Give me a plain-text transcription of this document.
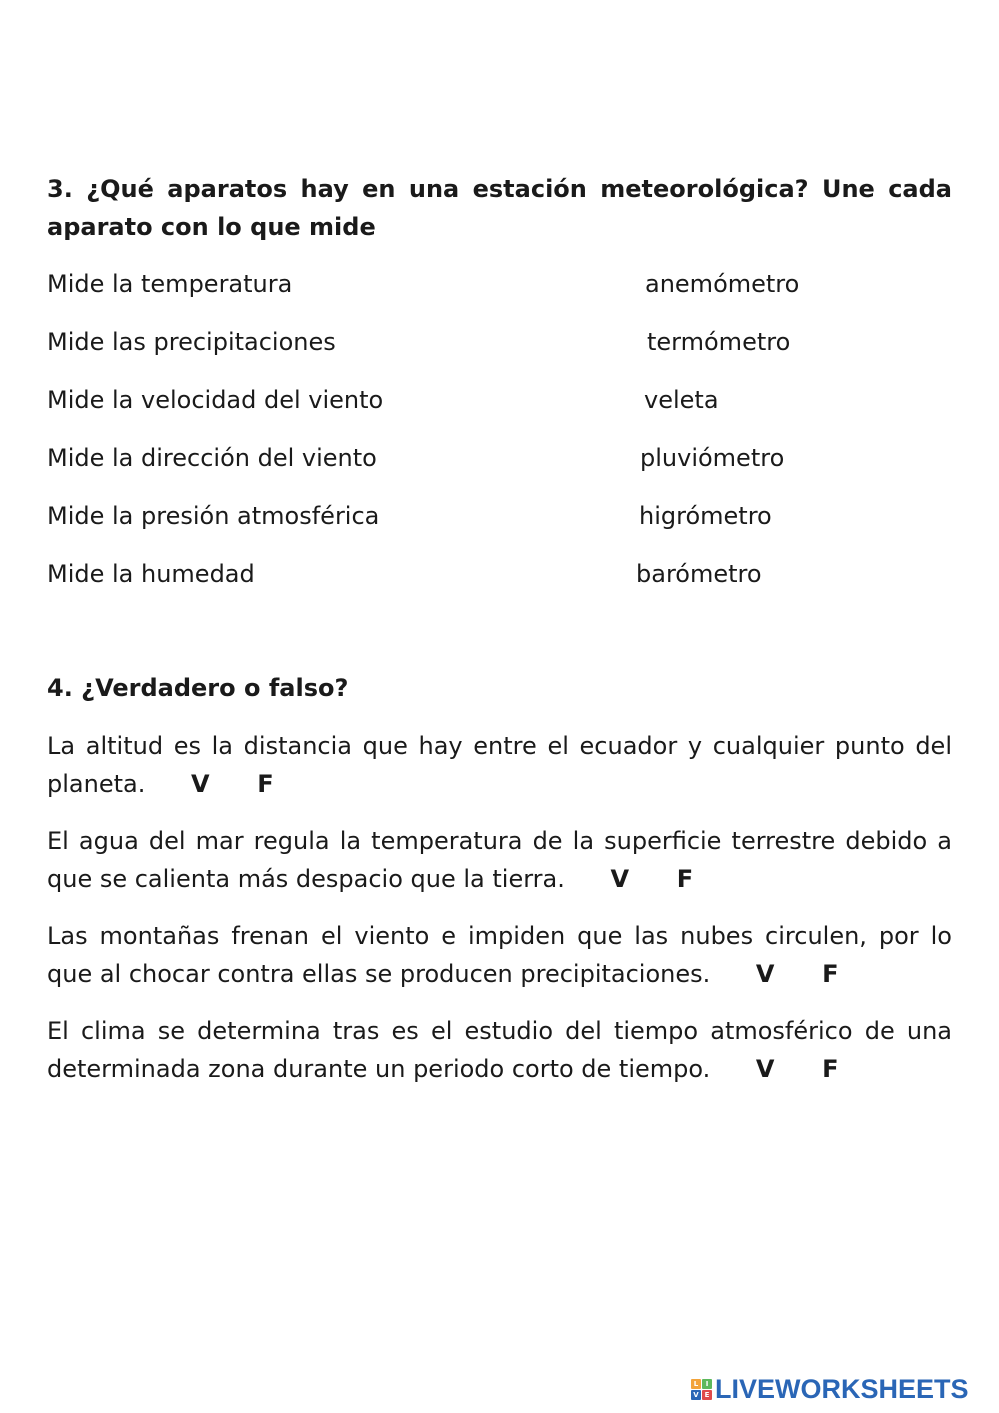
3. ¿Qué aparatos hay en una estación meteorológica? Une cada aparato con lo que mide

Mide la temperatura	anemómetro
Mide las precipitaciones	termómetro
Mide la velocidad del viento	veleta
Mide la dirección del viento	pluviómetro
Mide la presión atmosférica	higrómetro
Mide la humedad	barómetro

4. ¿Verdadero o falso?

La altitud es la distancia que hay entre el ecuador y cualquier punto del planeta. V F

El agua del mar regula la temperatura de la superficie terrestre debido a que se calienta más despacio que la tierra. V F

Las montañas frenan el viento e impiden que las nubes circulen, por lo que al chocar contra ellas se producen precipitaciones. V F

El clima se determina tras es el estudio del tiempo atmosférico de una determinada zona durante un periodo corto de tiempo. V F

L	I
V E LIVEWORKSHEETS
